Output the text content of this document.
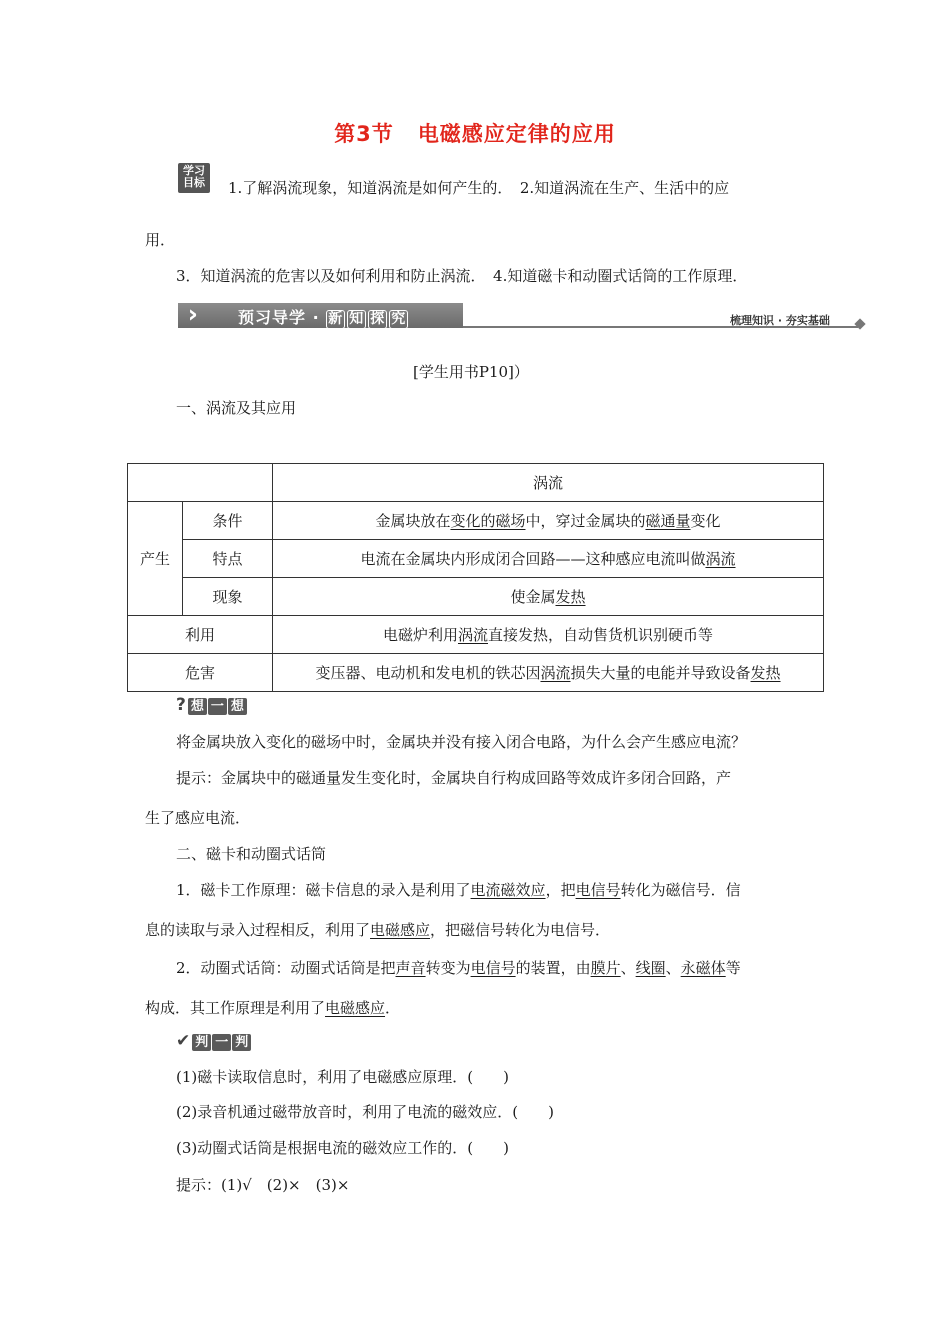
第3节 电磁感应定律的应用
学习
目标	1.了解涡流现象，知道涡流是如何产生的．　2.知道涡流在生产、生活中的应
用．
3．知道涡流的危害以及如何利用和防止涡流．　4.知道磁卡和动圈式话筒的工作原理．
预习导学 · 新 知 探 究	梳理知识 · 夯实基础
[学生用书P10]）
一、涡流及其应用
		涡流
产生	条件	金属块放在变化的磁场中，穿过金属块的磁通量变化
	特点	电流在金属块内形成闭合回路——这种感应电流叫做涡流
	现象	使金属发热
利用		电磁炉利用涡流直接发热，自动售货机识别硬币等
危害		变压器、电动机和发电机的铁芯因涡流损失大量的电能并导致设备发热
? 想 一 想
将金属块放入变化的磁场中时，金属块并没有接入闭合电路，为什么会产生感应电流？
提示：金属块中的磁通量发生变化时，金属块自行构成回路等效成许多闭合回路，产
生了感应电流．
二、磁卡和动圈式话筒
1．磁卡工作原理：磁卡信息的录入是利用了电流磁效应，把电信号转化为磁信号．信
息的读取与录入过程相反，利用了电磁感应，把磁信号转化为电信号．
2．动圈式话筒：动圈式话筒是把声音转变为电信号的装置，由膜片、线圈、永磁体等
构成．其工作原理是利用了电磁感应．
✔ 判 一 判
(1)磁卡读取信息时，利用了电磁感应原理．(　　)
(2)录音机通过磁带放音时，利用了电流的磁效应．(　　)
(3)动圈式话筒是根据电流的磁效应工作的．(　　)
提示：(1)√　(2)×　(3)×
